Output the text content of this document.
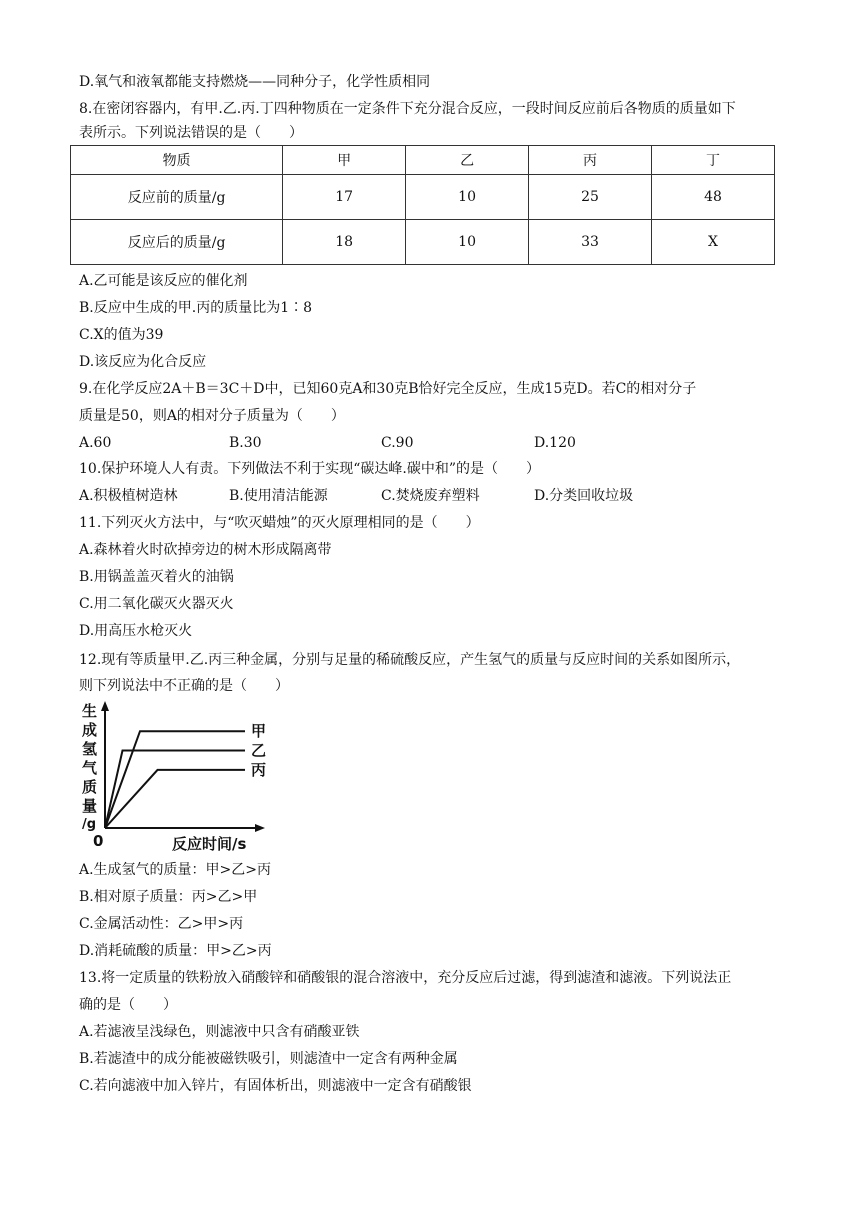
D.氧气和液氧都能支持燃烧——同种分子，化学性质相同
8.在密闭容器内，有甲.乙.丙.丁四种物质在一定条件下充分混合反应，一段时间反应前后各物质的质量如下
表所示。下列说法错误的是（　　）
物质	甲	乙	丙	丁
反应前的质量/g	17	10	25	48
反应后的质量/g	18	10	33	X
A.乙可能是该反应的催化剂
B.反应中生成的甲.丙的质量比为1∶8
C.X的值为39
D.该反应为化合反应
9.在化学反应2A＋B＝3C＋D中，已知60克A和30克B恰好完全反应，生成15克D。若C的相对分子
质量是50，则A的相对分子质量为（　　）
A.60	B.30	C.90	D.120
10.保护环境人人有责。下列做法不利于实现“碳达峰.碳中和”的是（　　）
A.积极植树造林	B.使用清洁能源	C.焚烧废弃塑料	D.分类回收垃圾
11.下列灭火方法中，与“吹灭蜡烛”的灭火原理相同的是（　　）
A.森林着火时砍掉旁边的树木形成隔离带
B.用锅盖盖灭着火的油锅
C.用二氧化碳灭火器灭火
D.用高压水枪灭火
12.现有等质量甲.乙.丙三种金属，分别与足量的稀硫酸反应，产生氢气的质量与反应时间的关系如图所示，
则下列说法中不正确的是（　　）
生
成
氢
气
质
量
/g
0	反应时间/s
甲
乙
丙
A.生成氢气的质量：甲>乙>丙
B.相对原子质量：丙>乙>甲
C.金属活动性：乙>甲>丙
D.消耗硫酸的质量：甲>乙>丙
13.将一定质量的铁粉放入硝酸锌和硝酸银的混合溶液中，充分反应后过滤，得到滤渣和滤液。下列说法正
确的是（　　）
A.若滤液呈浅绿色，则滤液中只含有硝酸亚铁
B.若滤渣中的成分能被磁铁吸引，则滤渣中一定含有两种金属
C.若向滤液中加入锌片，有固体析出，则滤液中一定含有硝酸银
